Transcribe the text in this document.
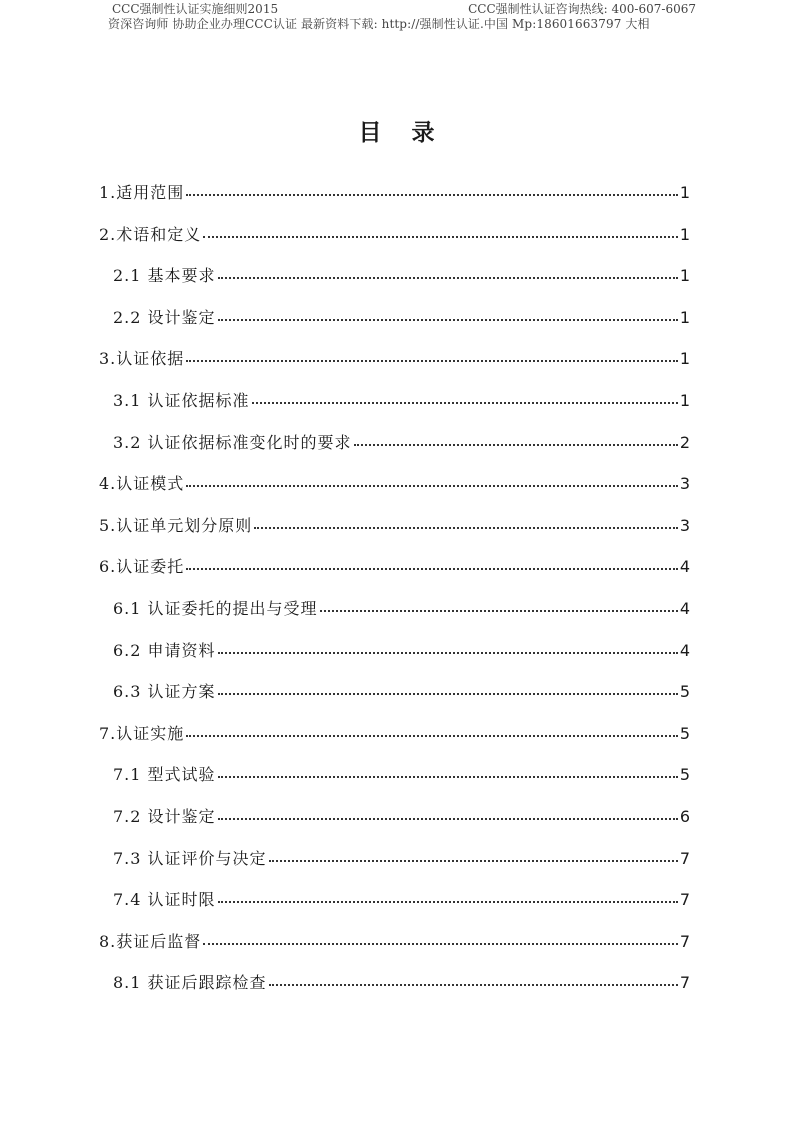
CCC强制性认证实施细则2015	CCC强制性认证咨询热线: 400-607-6067
资深咨询师 协助企业办理CCC认证 最新资料下载: http://强制性认证.中国 Mp:18601663797 大相
目录
1.适用范围	1
2.术语和定义	1
2.1 基本要求	1
2.2 设计鉴定	1
3.认证依据	1
3.1 认证依据标准	1
3.2 认证依据标准变化时的要求	2
4.认证模式	3
5.认证单元划分原则	3
6.认证委托	4
6.1 认证委托的提出与受理	4
6.2 申请资料	4
6.3 认证方案	5
7.认证实施	5
7.1 型式试验	5
7.2 设计鉴定	6
7.3 认证评价与决定	7
7.4 认证时限	7
8.获证后监督	7
8.1 获证后跟踪检查	7
